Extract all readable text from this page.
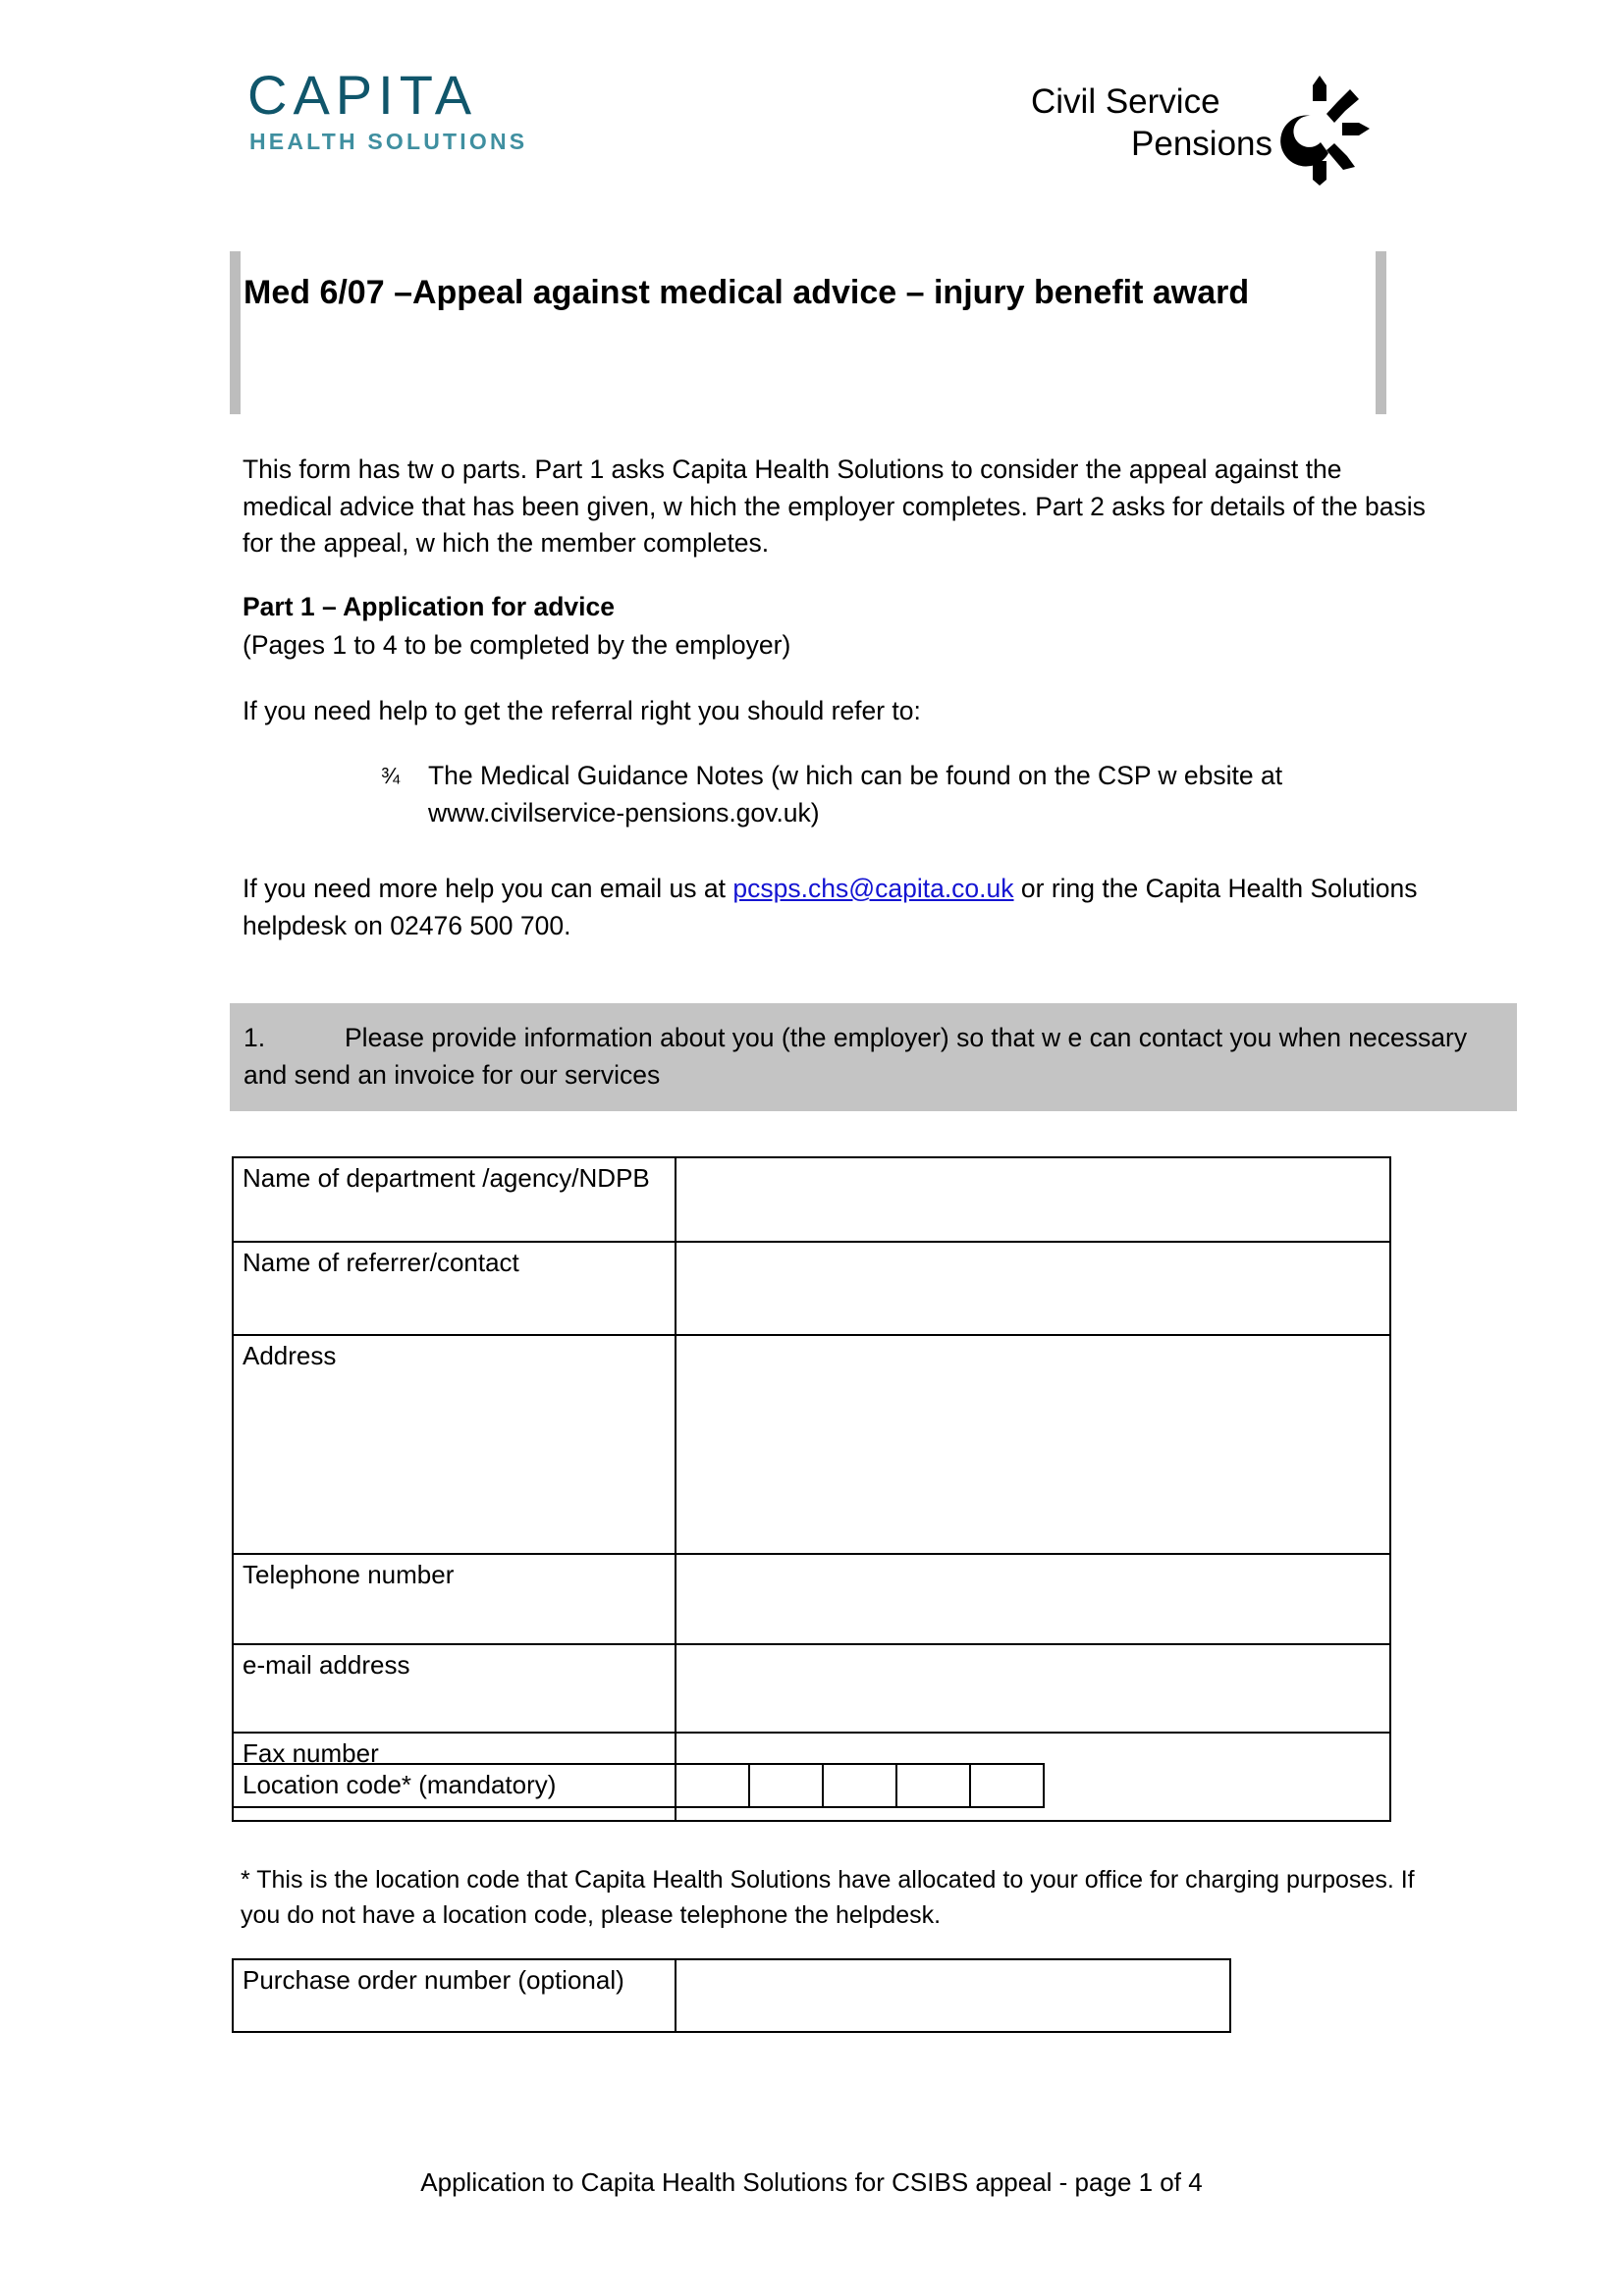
CAPITA
HEALTH SOLUTIONS
Civil Service
Pensions
Med 6/07 –Appeal against medical advice – injury benefit award
This form has tw o parts. Part 1 asks Capita Health Solutions to consider the appeal against the medical advice that has been given, w hich the employer completes. Part 2 asks for details of the basis for the appeal, w hich the member completes.
Part 1 – Application for advice
(Pages 1 to 4 to be completed by the employer)
If you need help to get the referral right you should refer to:
¾	The Medical Guidance Notes (w hich can be found on the CSP w ebsite at www.civilservice-pensions.gov.uk)
If you need more help you can email us at pcsps.chs@capita.co.uk or ring the Capita Health Solutions helpdesk on 02476 500 700.
1.	Please provide information about you (the employer) so that w e can contact you when necessary and send an invoice for our services
Name of department /agency/NDPB	
Name of referrer/contact	
Address	
Telephone number	
e-mail address	
Fax number	
Location code* (mandatory)					
* This is the location code that Capita Health Solutions have allocated to your office for charging purposes. If you do not have a location code, please telephone the helpdesk.
Purchase order number (optional)	
Application to Capita Health Solutions for CSIBS appeal - page 1 of 4
